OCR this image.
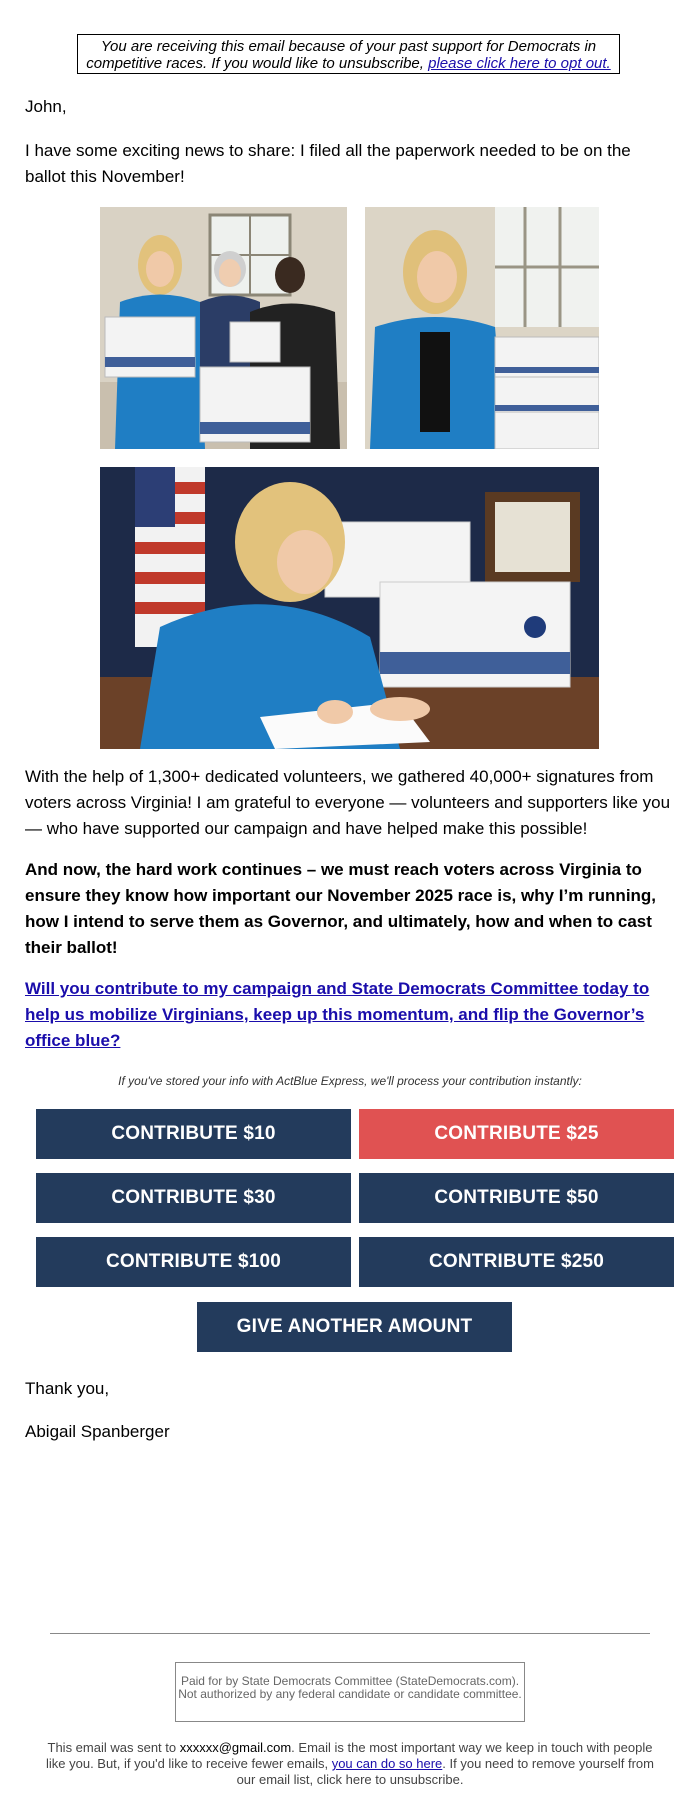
You are receiving this email because of your past support for Democrats in competitive races. If you would like to unsubscribe, please click here to opt out.

John,

I have some exciting news to share: I filed all the paperwork needed to be on the ballot this November!

With the help of 1,300+ dedicated volunteers, we gathered 40,000+ signatures from voters across Virginia! I am grateful to everyone — volunteers and supporters like you — who have supported our campaign and have helped make this possible!

And now, the hard work continues – we must reach voters across Virginia to ensure they know how important our November 2025 race is, why I’m running, how I intend to serve them as Governor, and ultimately, how and when to cast their ballot!

Will you contribute to my campaign and State Democrats Committee today to help us mobilize Virginians, keep up this momentum, and flip the Governor’s office blue?

If you've stored your info with ActBlue Express, we'll process your contribution instantly:
CONTRIBUTE $10	CONTRIBUTE $25
CONTRIBUTE $30	CONTRIBUTE $50
CONTRIBUTE $100	CONTRIBUTE $250
GIVE ANOTHER AMOUNT

Thank you,

Abigail Spanberger

Paid for by State Democrats Committee (StateDemocrats.com). Not authorized by any federal candidate or candidate committee.
This email was sent to xxxxxx@gmail.com. Email is the most important way we keep in touch with people like you. But, if you'd like to receive fewer emails, you can do so here. If you need to remove yourself from our email list, click here to unsubscribe.
